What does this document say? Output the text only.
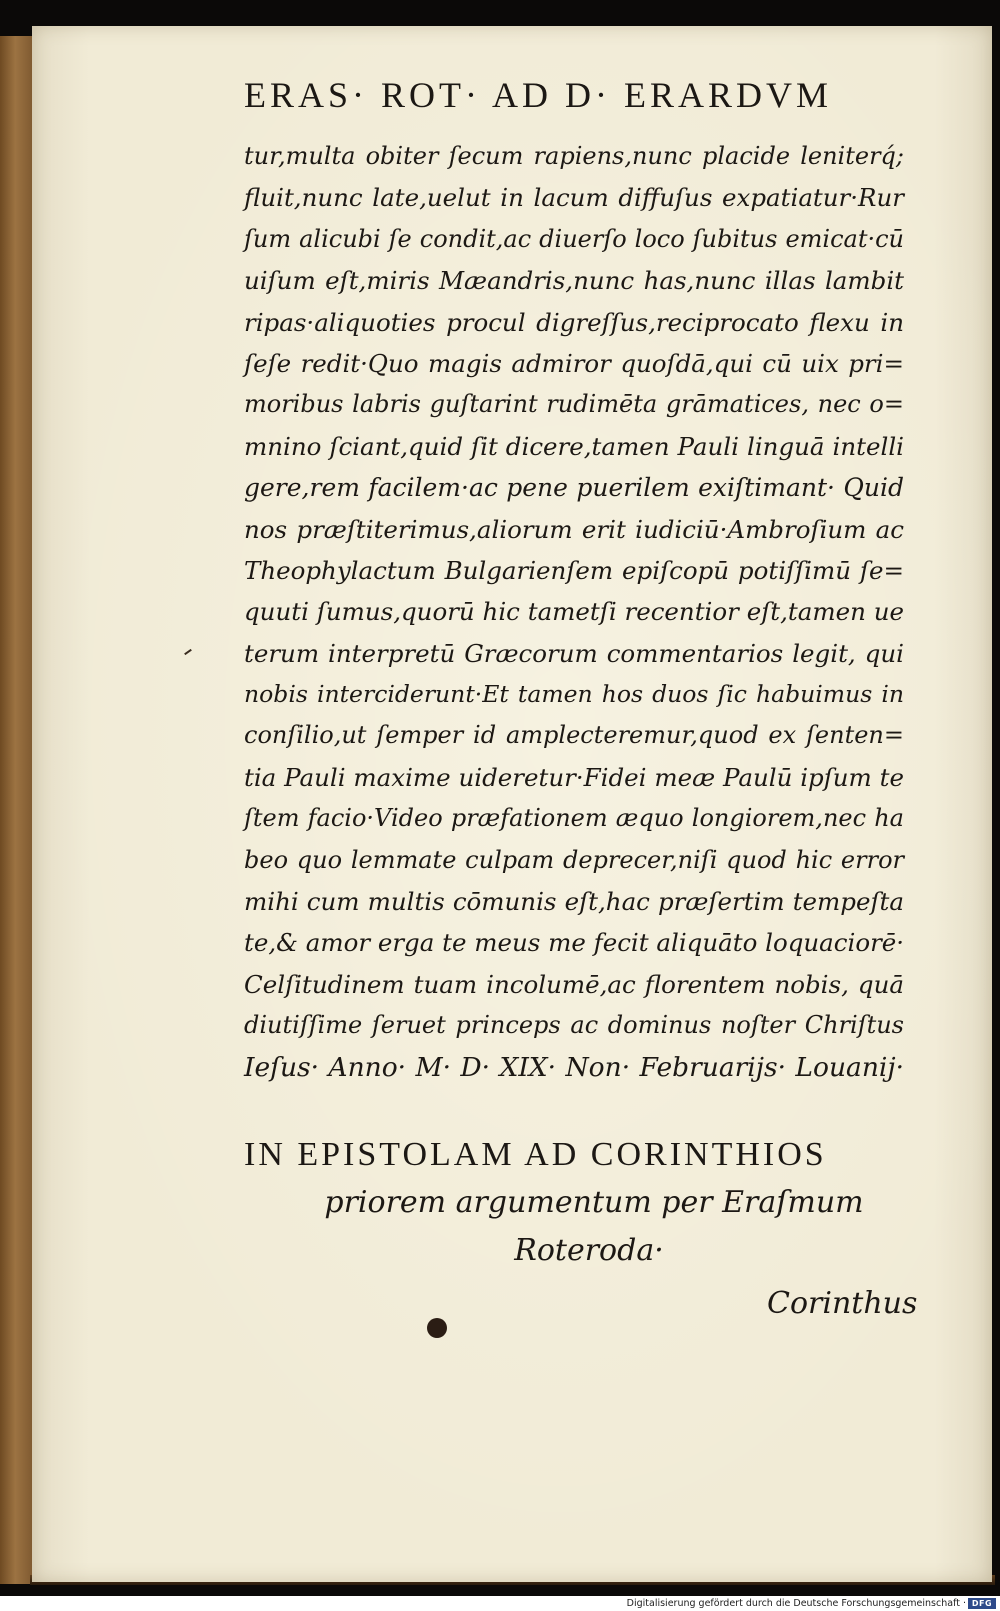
ERAS· ROT· AD D· ERARDVM
tur,multa obiter ſecum rapiens,nunc placide leniterq́;
fluit,nunc late,uelut in lacum diffuſus expatiatur·Rur
ſum alicubi ſe condit,ac diuerſo loco ſubitus emicat·cū
uiſum eſt,miris Mæandris,nunc has,nunc illas lambit
ripas·aliquoties procul digreſſus,reciprocato flexu in
ſeſe redit·Quo magis admiror quoſdā,qui cū uix pri=
moribus labris guſtarint rudimēta grāmatices, nec o=
mnino ſciant,quid ſit dicere,tamen Pauli linguā intelli
gere,rem facilem·ac pene puerilem exiſtimant· Quid
nos præſtiterimus,aliorum erit iudiciū·Ambroſium ac
Theophylactum Bulgarienſem epiſcopū potiſſimū ſe=
quuti ſumus,quorū hic tametſi recentior eſt,tamen ue
terum interpretū Græcorum commentarios legit, qui
nobis interciderunt·Et tamen hos duos ſic habuimus in
conſilio,ut ſemper id amplecteremur,quod ex ſenten=
tia Pauli maxime uideretur·Fidei meæ Paulū ipſum te
ſtem facio·Video præfationem æquo longiorem,nec ha
beo quo lemmate culpam deprecer,niſi quod hic error
mihi cum multis cōmunis eſt,hac præſertim tempeſta
te,& amor erga te meus me fecit aliquāto loquaciorē·
Celſitudinem tuam incolumē,ac florentem nobis, quā
diutiſſime ſeruet princeps ac dominus noſter Chriſtus
Ieſus· Anno· M· D· XIX· Non· Februarijs· Louanij·
IN EPISTOLAM AD CORINTHIOS
priorem argumentum per Eraſmum
Roteroda·
Corinthus
Digitalisierung gefördert durch die Deutsche Forschungsgemeinschaft · DFG
